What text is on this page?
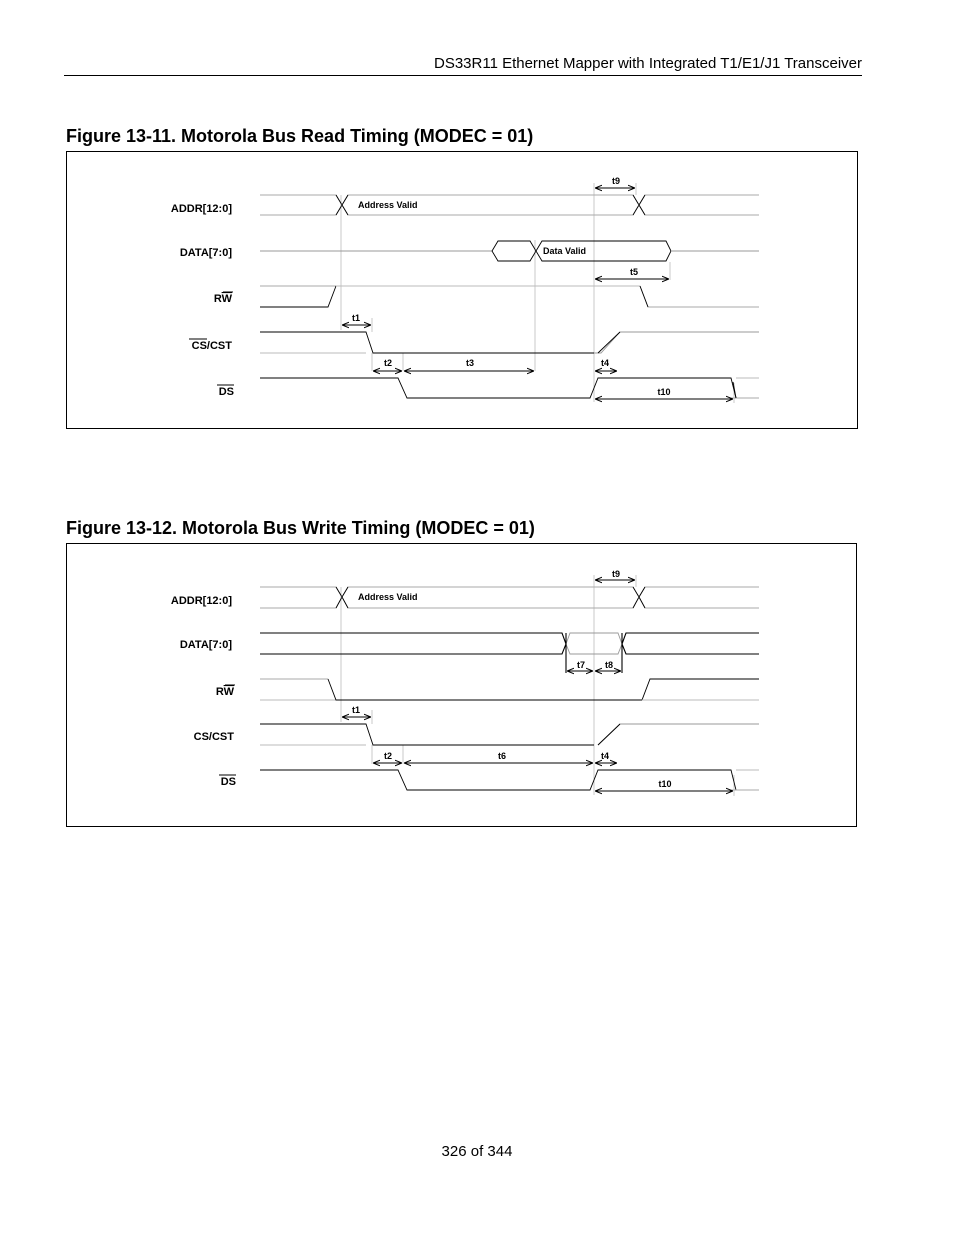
DS33R11 Ethernet Mapper with Integrated T1/E1/J1 Transceiver
Figure 13-11. Motorola Bus Read Timing (MODEC = 01)
Figure 13-12. Motorola Bus Write Timing (MODEC = 01)
ADDR[12:0]
DATA[7:0]
RW
CS/CST
DS
Address Valid
Data Valid
t9
t5
t1
t2	t3	t4
t10
ADDR[12:0]
DATA[7:0]
RW
CS/CST
DS
Address Valid
t9
t7 t8
t1
t2	t6	t4
t10
326 of 344
